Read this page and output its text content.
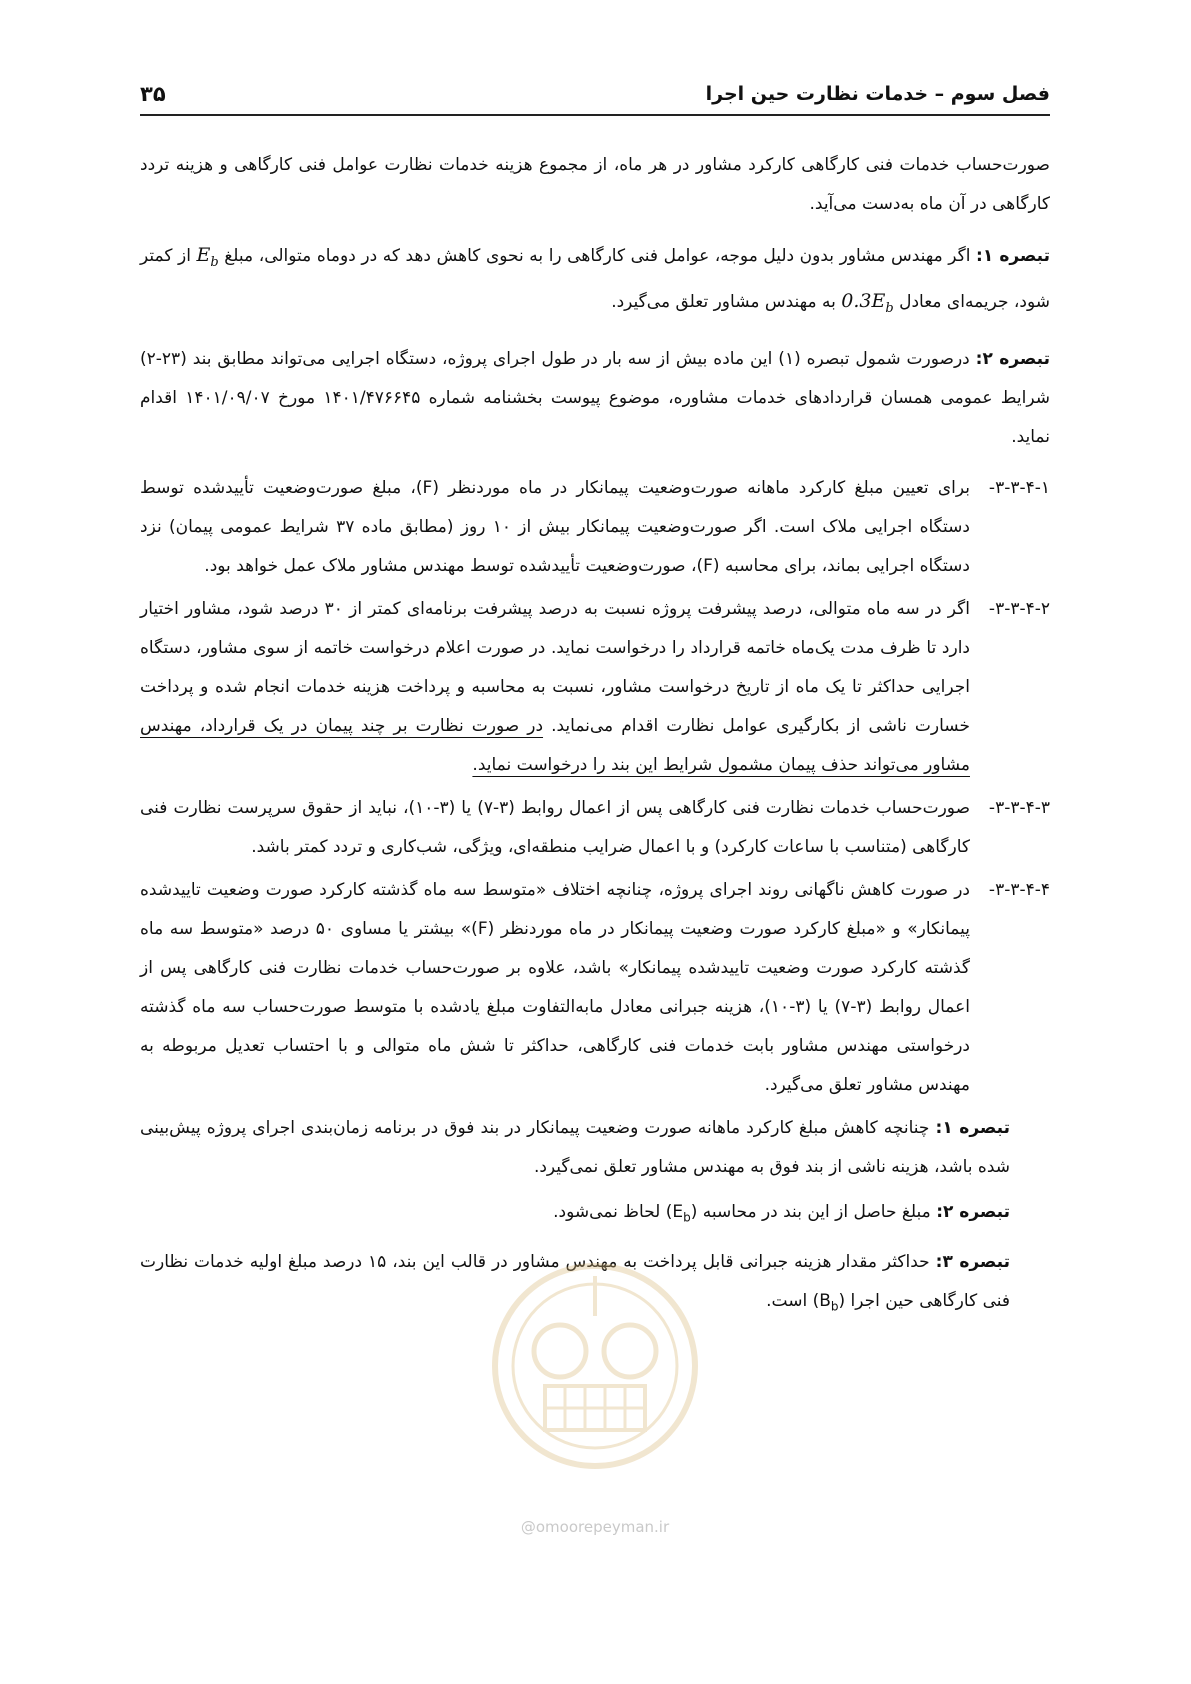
فصل سوم – خدمات نظارت حین اجرا
۳۵

صورت‌حساب خدمات فنی کارگاهی کارکرد مشاور در هر ماه، از مجموع هزینه خدمات نظارت عوامل فنی کارگاهی و هزینه تردد کارگاهی در آن ماه به‌دست می‌آید.

تبصره ۱: اگر مهندس مشاور بدون دلیل موجه، عوامل فنی کارگاهی را به نحوی کاهش دهد که در دوماه متوالی، مبلغ $E_b$ از کمتر شود، جریمه‌ای معادل $0.3E_b$ به مهندس مشاور تعلق می‌گیرد.

تبصره ۲: درصورت شمول تبصره (۱) این ماده بیش از سه بار در طول اجرای پروژه، دستگاه اجرایی می‌تواند مطابق بند (۲۳-۲) شرایط عمومی همسان قراردادهای خدمات مشاوره، موضوع پیوست بخشنامه شماره ۱۴۰۱/۴۷۶۶۴۵ مورخ ۱۴۰۱/۰۹/۰۷ اقدام نماید.

۳-۳-۴-۱-
برای تعیین مبلغ کارکرد ماهانه صورت‌وضعیت پیمانکار در ماه موردنظر (F)، مبلغ صورت‌وضعیت تأییدشده توسط دستگاه اجرایی ملاک است. اگر صورت‌وضعیت پیمانکار بیش از ۱۰ روز (مطابق ماده ۳۷ شرایط عمومی پیمان) نزد دستگاه اجرایی بماند، برای محاسبه (F)، صورت‌وضعیت تأییدشده توسط مهندس مشاور ملاک عمل خواهد بود.
۳-۳-۴-۲-
اگر در سه ماه متوالی، درصد پیشرفت پروژه نسبت به درصد پیشرفت برنامه‌ای کمتر از ۳۰ درصد شود، مشاور اختیار دارد تا ظرف مدت یک‌ماه خاتمه قرارداد را درخواست نماید. در صورت اعلام درخواست خاتمه از سوی مشاور، دستگاه اجرایی حداکثر تا یک ماه از تاریخ درخواست مشاور، نسبت به محاسبه و پرداخت هزینه خدمات انجام شده و پرداخت خسارت ناشی از بکارگیری عوامل نظارت اقدام می‌نماید. در صورت نظارت بر چند پیمان در یک قرارداد، مهندس مشاور می‌تواند حذف پیمان مشمول شرایط این بند را درخواست نماید.
۳-۳-۴-۳-
صورت‌حساب خدمات نظارت فنی کارگاهی پس از اعمال روابط (۳-۷) یا (۳-۱۰)، نباید از حقوق سرپرست نظارت فنی کارگاهی (متناسب با ساعات کارکرد) و با اعمال ضرایب منطقه‌ای، ویژگی، شب‌کاری و تردد کمتر باشد.
۳-۳-۴-۴-
در صورت کاهش ناگهانی روند اجرای پروژه، چنانچه اختلاف «متوسط سه ماه گذشته کارکرد صورت وضعیت تاییدشده پیمانکار» و «مبلغ کارکرد صورت وضعیت پیمانکار در ماه موردنظر (F)» بیشتر یا مساوی ۵۰ درصد «متوسط سه ماه گذشته کارکرد صورت وضعیت تاییدشده پیمانکار» باشد، علاوه بر صورت‌حساب خدمات نظارت فنی کارگاهی پس از اعمال روابط (۳-۷) یا (۳-۱۰)، هزینه جبرانی معادل مابه‌التفاوت مبلغ یادشده با متوسط صورت‌حساب سه ماه گذشته درخواستی مهندس مشاور بابت خدمات فنی کارگاهی، حداکثر تا شش ماه متوالی و با احتساب تعدیل مربوطه به مهندس مشاور تعلق می‌گیرد.

تبصره ۱: چنانچه کاهش مبلغ کارکرد ماهانه صورت وضعیت پیمانکار در بند فوق در برنامه زمان‌بندی اجرای پروژه پیش‌بینی شده باشد، هزینه ناشی از بند فوق به مهندس مشاور تعلق نمی‌گیرد.

تبصره ۲: مبلغ حاصل از این بند در محاسبه $(E_b)$ لحاظ نمی‌شود.

تبصره ۳: حداکثر مقدار هزینه جبرانی قابل پرداخت به مهندس مشاور در قالب این بند، ۱۵ درصد مبلغ اولیه خدمات نظارت فنی کارگاهی حین اجرا $(B_b)$ است.

@omoorepeyman.ir
